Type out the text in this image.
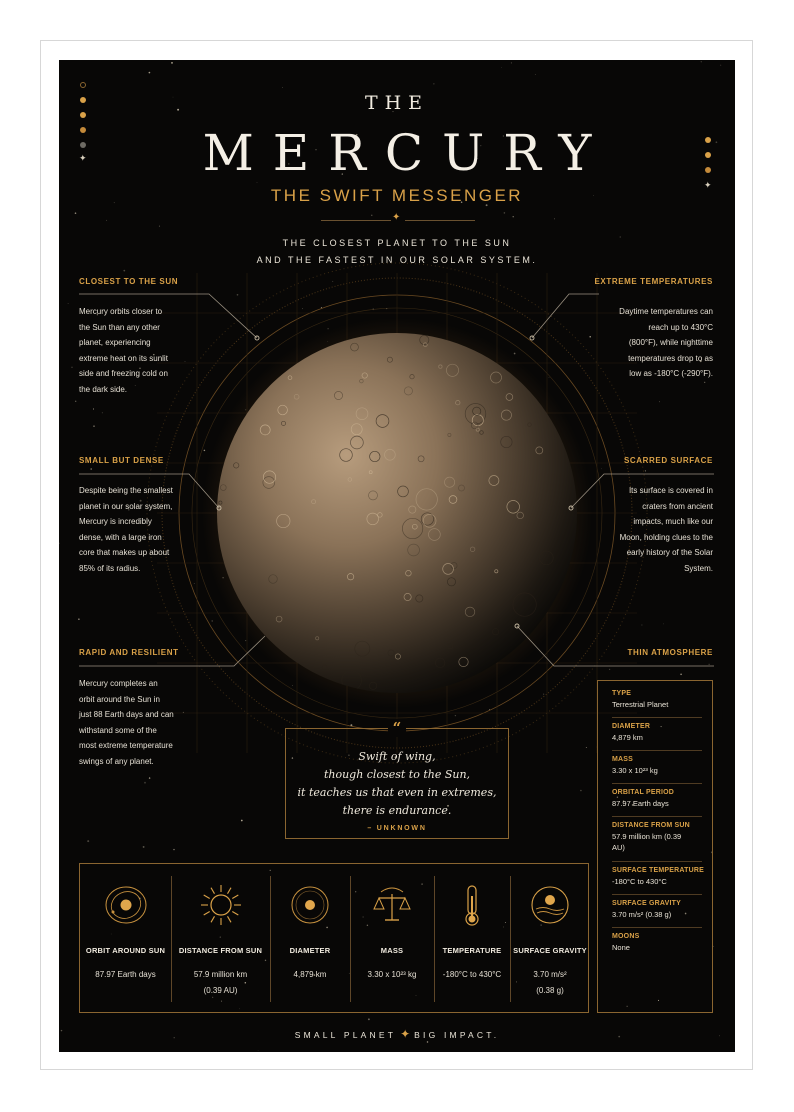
✦
✦
THE
MERCURY
THE SWIFT MESSENGER
✦
THE CLOSEST PLANET TO THE SUN
AND THE FASTEST IN OUR SOLAR SYSTEM.
CLOSEST TO THE SUN
Mercury orbits closer to the Sun than any other planet, experiencing extreme heat on its sunlit side and freezing cold on the dark side.
SMALL BUT DENSE
Despite being the smallest planet in our solar system, Mercury is incredibly dense, with a large iron core that makes up about 85% of its radius.
RAPID AND RESILIENT
Mercury completes an orbit around the Sun in just 88 Earth days and can withstand some of the most extreme temperature swings of any planet.
EXTREME TEMPERATURES
Daytime temperatures can reach up to 430°C (800°F), while nighttime temperatures drop to as low as -180°C (-290°F).
SCARRED SURFACE
Its surface is covered in craters from ancient impacts, much like our Moon, holding clues to the early history of the Solar System.
THIN ATMOSPHERE
“
Swift of wing,
though closest to the Sun,
it teaches us that even in extremes,
there is endurance.
– UNKNOWN
ORBIT AROUND SUN
87.97 Earth days
DISTANCE FROM SUN
57.9 million km
(0.39 AU)
DIAMETER
4,879 km
MASS
3.30 x 10²³ kg
TEMPERATURE
-180°C to 430°C
SURFACE GRAVITY
3.70 m/s²
(0.38 g)
TYPE
Terrestrial Planet
DIAMETER
4,879 km
MASS
3.30 x 10²³ kg
ORBITAL PERIOD
87.97 Earth days
DISTANCE FROM SUN
57.9 million km (0.39 AU)
SURFACE TEMPERATURE
-180°C to 430°C
SURFACE GRAVITY
3.70 m/s² (0.38 g)
MOONS
None
SMALL PLANET ✦ BIG IMPACT.
